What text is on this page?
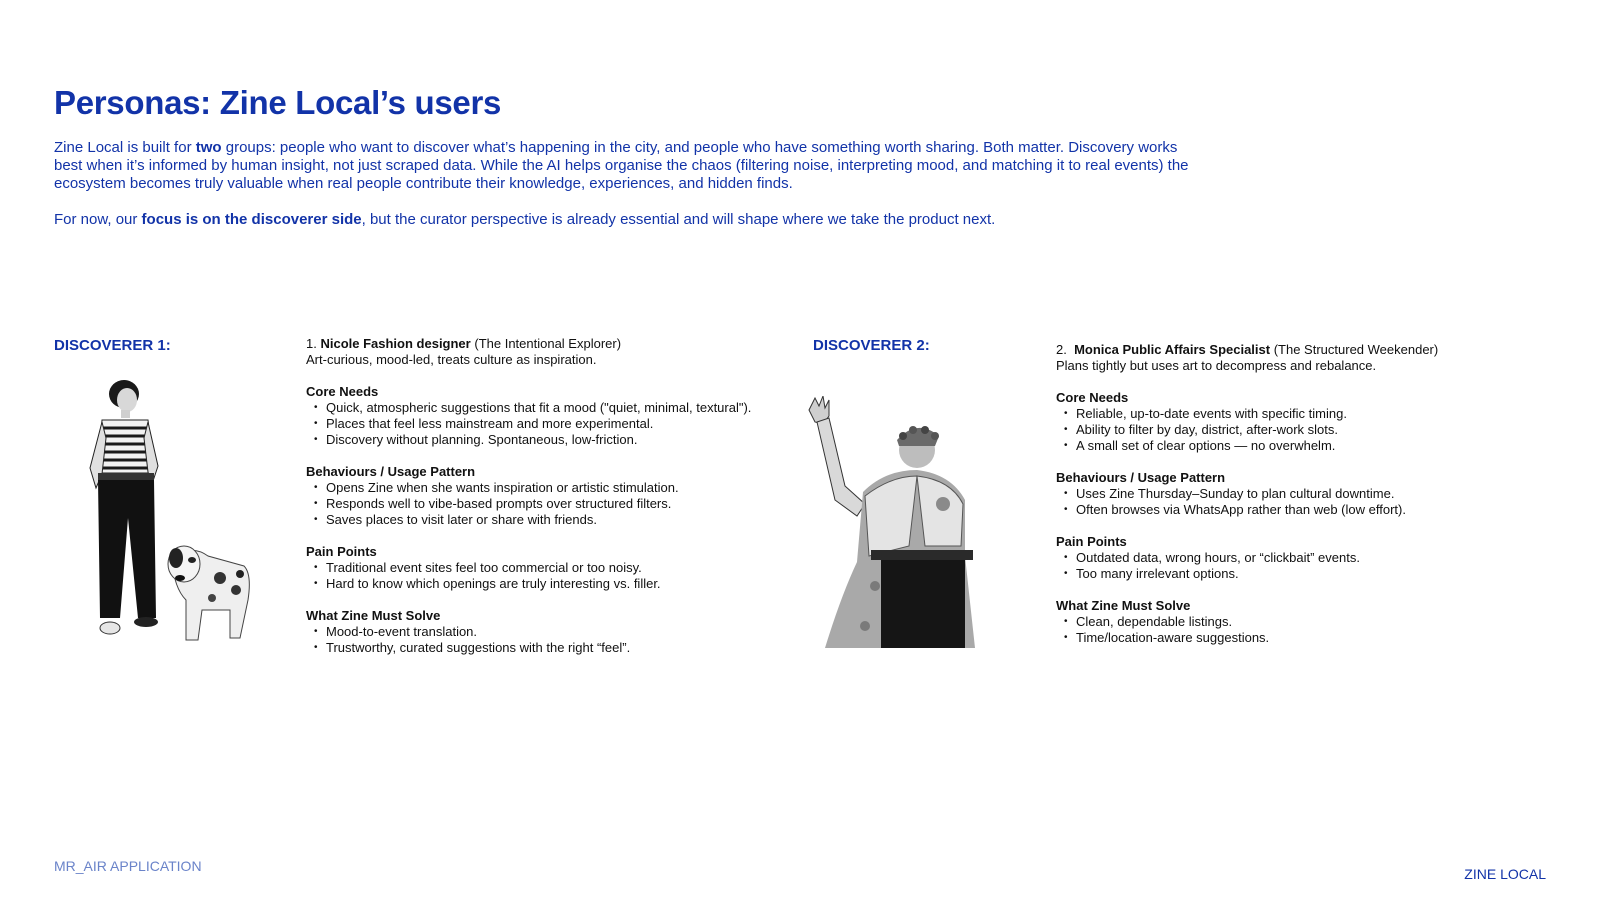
Personas: Zine Local’s users

Zine Local is built for two groups: people who want to discover what’s happening in the city, and people who have something worth sharing. Both matter. Discovery works best when it’s informed by human insight, not just scraped data. While the AI helps organise the chaos (filtering noise, interpreting mood, and matching it to real events) the ecosystem becomes truly valuable when real people contribute their knowledge, experiences, and hidden finds.

For now, our focus is on the discoverer side, but the curator perspective is already essential and will shape where we take the product next.

DISCOVERER 1:	1. Nicole Fashion designer (The Intentional Explorer)

Art-curious, mood-led, treats culture as inspiration.

Core Needs
• Quick, atmospheric suggestions that fit a mood ("quiet, minimal, textural").
• Places that feel less mainstream and more experimental.
• Discovery without planning. Spontaneous, low-friction.
Behaviours / Usage Pattern
• Opens Zine when she wants inspiration or artistic stimulation.
• Responds well to vibe-based prompts over structured filters.
• Saves places to visit later or share with friends.
Pain Points
• Traditional event sites feel too commercial or too noisy.
• Hard to know which openings are truly interesting vs. filler.
What Zine Must Solve
• Mood-to-event translation.
• Trustworthy, curated suggestions with the right “feel”.

DISCOVERER 2:	2. Monica Public Affairs Specialist (The Structured Weekender)

Plans tightly but uses art to decompress and rebalance.

Core Needs
• Reliable, up-to-date events with specific timing.
• Ability to filter by day, district, after-work slots.
• A small set of clear options — no overwhelm.
Behaviours / Usage Pattern
• Uses Zine Thursday–Sunday to plan cultural downtime.
• Often browses via WhatsApp rather than web (low effort).
Pain Points
• Outdated data, wrong hours, or “clickbait” events.
• Too many irrelevant options.
What Zine Must Solve
• Clean, dependable listings.
• Time/location-aware suggestions.

MR_AIR APPLICATION	ZINE LOCAL
